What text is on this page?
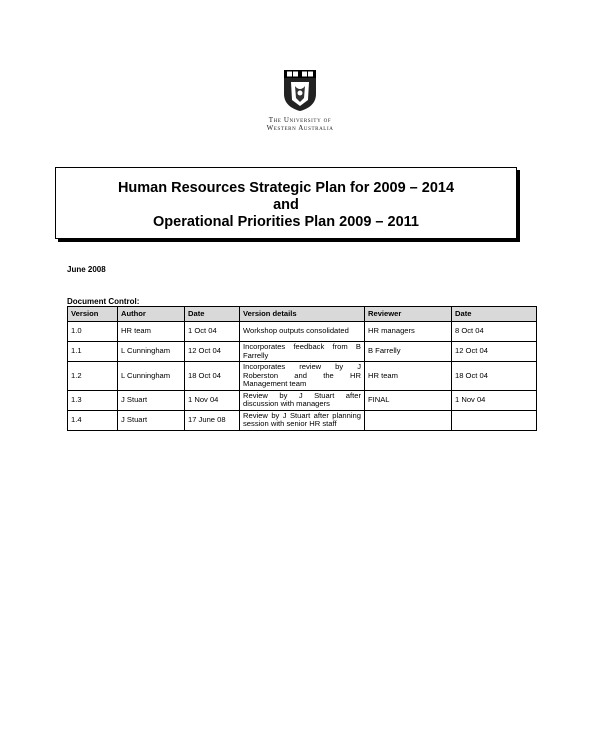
The University of
Western Australia
Human Resources Strategic Plan for 2009 – 2014
and
Operational Priorities Plan 2009 – 2011
June 2008
Document Control:
Version	Author	Date	Version details	Reviewer	Date
1.0	HR team	1 Oct 04	Workshop outputs consolidated	HR managers	8 Oct 04
1.1	L Cunningham	12 Oct 04	Incorporates feedback from B Farrelly	B Farrelly	12 Oct 04
1.2	L Cunningham	18 Oct 04	Incorporates review by J Roberston and the HR Management team	HR team	18 Oct 04
1.3	J Stuart	1 Nov 04	Review by J Stuart after discussion with managers	FINAL	1 Nov 04
1.4	J Stuart	17 June 08	Review by J Stuart after planning session with senior HR staff		
